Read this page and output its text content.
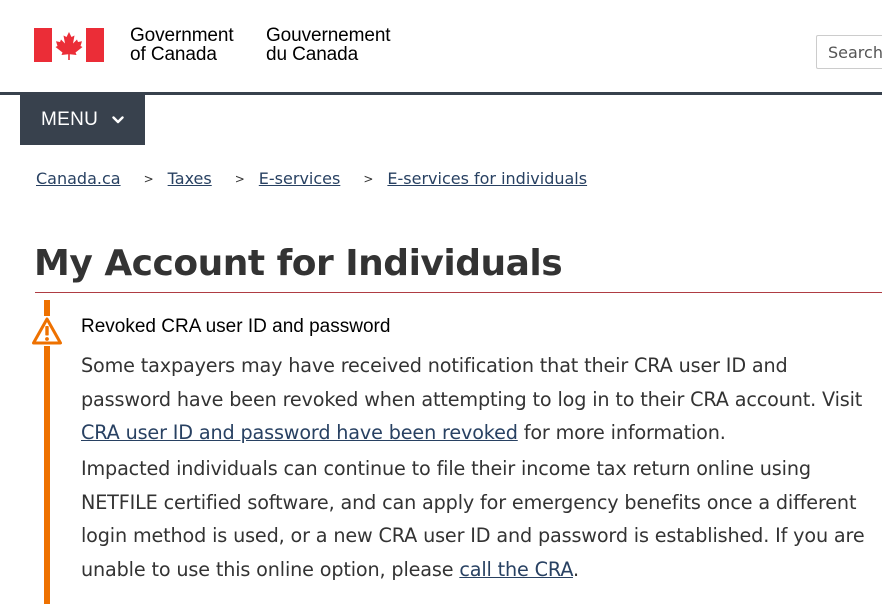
Government
of Canada
Gouvernement
du Canada
Search
MENU
Canada.ca > Taxes > E-services > E-services for individuals
My Account for Individuals
Revoked CRA user ID and password

Some taxpayers may have received notification that their CRA user ID and password have been revoked when attempting to log in to their CRA account. Visit CRA user ID and password have been revoked for more information.

Impacted individuals can continue to file their income tax return online using NETFILE certified software, and can apply for emergency benefits once a different login method is used, or a new CRA user ID and password is established. If you are unable to use this online option, please call the CRA.
